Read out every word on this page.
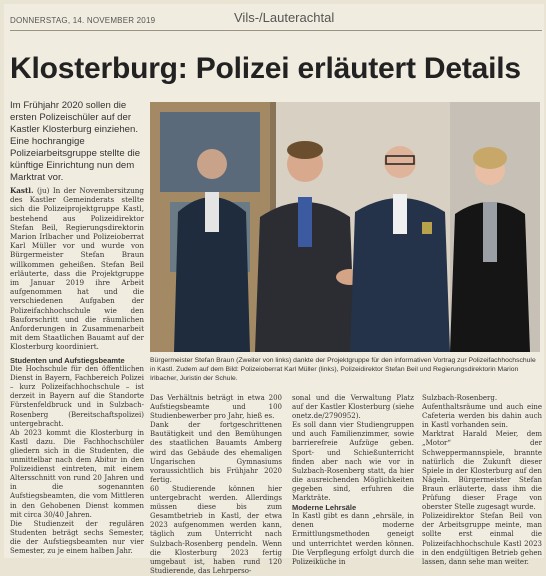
DONNERSTAG, 14. NOVEMBER 2019	Vils-/Lauterachtal
Klosterburg: Polizei erläutert Details
Im Frühjahr 2020 sollen die ersten Polizeischüler auf der Kastler Klosterburg einziehen. Eine hochrangige Polizeiarbeitsgruppe stellte die künftige Einrichtung nun dem Marktrat vor.
Kastl. (ju) In der Novembersitzung des Kastler Gemeinderats stellte sich die Polizeiprojektgruppe Kastl, bestehend aus Polizeidirektor Stefan Beil, Regierungsdirektorin Marion Irlbacher und Polizeioberrat Karl Müller vor und wurde von Bürgermeister Stefan Braun willkommen geheißen. Stefan Beil erläuterte, dass die Projektgruppe im Januar 2019 ihre Arbeit aufgenommen hat und die verschiedenen Aufgaben der Polizeifachhochschule wie den Bauforschritt und die räumlichen Anforderungen in Zusammenarbeit mit dem Staatlichen Bauamt auf der Klosterburg koordiniert.
Bürgermeister Stefan Braun (Zweiter von links) dankte der Projektgruppe für den informativen Vortrag zur Polizeifachhochschule in Kastl. Zudem auf dem Bild: Polizeioberrat Karl Müller (links), Polizeidirektor Stefan Beil und Regierungsdirektorin Marion Irlbacher, Juristin der Schule.

Studenten und Aufstiegsbeamte

Die Hochschule für den öffentlichen Dienst in Bayern, Fachbereich Polizei – kurz Polizeifachhochschule – ist derzeit in Bayern auf die Standorte Fürstenfeldbruck und in Sulzbach-Rosenberg (Bereitschaftspolizei) untergebracht.

Ab 2023 kommt die Klosterburg in Kastl dazu. Die Fachhochschüler gliedern sich in die Studenten, die unmittelbar nach dem Abitur in den Polizeidienst eintreten, mit einem Altersschnitt von rund 20 Jahren und in die sogenannten Aufstiegsbeamten, die vom Mittleren in den Gehobenen Dienst kommen mit circa 30/40 Jahren.

Die Studienzeit der regulären Studenten beträgt sechs Semester, die der Aufstiegsbeamten nur vier Semester, zu je einem halben Jahr.

Das Verhältnis beträgt in etwa 200 Aufstiegsbeamte und 100 Studienbewerber pro Jahr, hieß es.

Dank der fortgeschrittenen Bautätigkeit und den Bemühungen des staatlichen Bauamts Amberg wird das Gebäude des ehemaligen Ungarischen Gymnasiums voraussichtlich bis Frühjahr 2020 fertig.

60 Studierende können hier untergebracht werden. Allerdings müssen diese bis zum Gesamtbetrieb in Kastl, der etwa 2023 aufgenommen werden kann, täglich zum Unterricht nach Sulzbach-Rosenberg pendeln. Wenn die Klosterburg 2023 fertig umgebaut ist, haben rund 120 Studierende, das Lehrperso-

sonal und die Verwaltung Platz auf der Kastler Klosterburg (siehe onetz.de/2790952).

Es soll dann vier Studiengruppen und auch Familienzimmer, sowie barrierefreie Aufzüge geben. Sport- und Schießunterricht finden aber nach wie vor in Sulzbach-Rosenberg statt, da hier die ausreichenden Möglichkeiten gegeben sind, erfuhren die Markträte.

Moderne Lehrsäle

In Kastl gibt es dann „ehrsäle, in denen moderne Ermittlungsmethoden geneigt und unterrichtet werden können. Die Verpflegung erfolgt durch die Polizeiküche in

Sulzbach-Rosenberg. Aufenthaltsräume und auch eine Cafeteria werden bis dahin auch in Kastl vorhanden sein.

Marktrat Harald Meier, dem „Motor“ der Schweppermannspiele, brannte natürlich die Zukunft dieser Spiele in der Klosterburg auf den Nägeln. Bürgermeister Stefan Braun erläuterte, dass ihm die Prüfung dieser Frage von oberster Stelle zugesagt wurde.

Polizeidirektor Stefan Beil von der Arbeitsgruppe meinte, man sollte erst einmal die Polizeifachhochschule Kastl 2023 in den endgültigen Betrieb gehen lassen, dann sehe man weiter.
